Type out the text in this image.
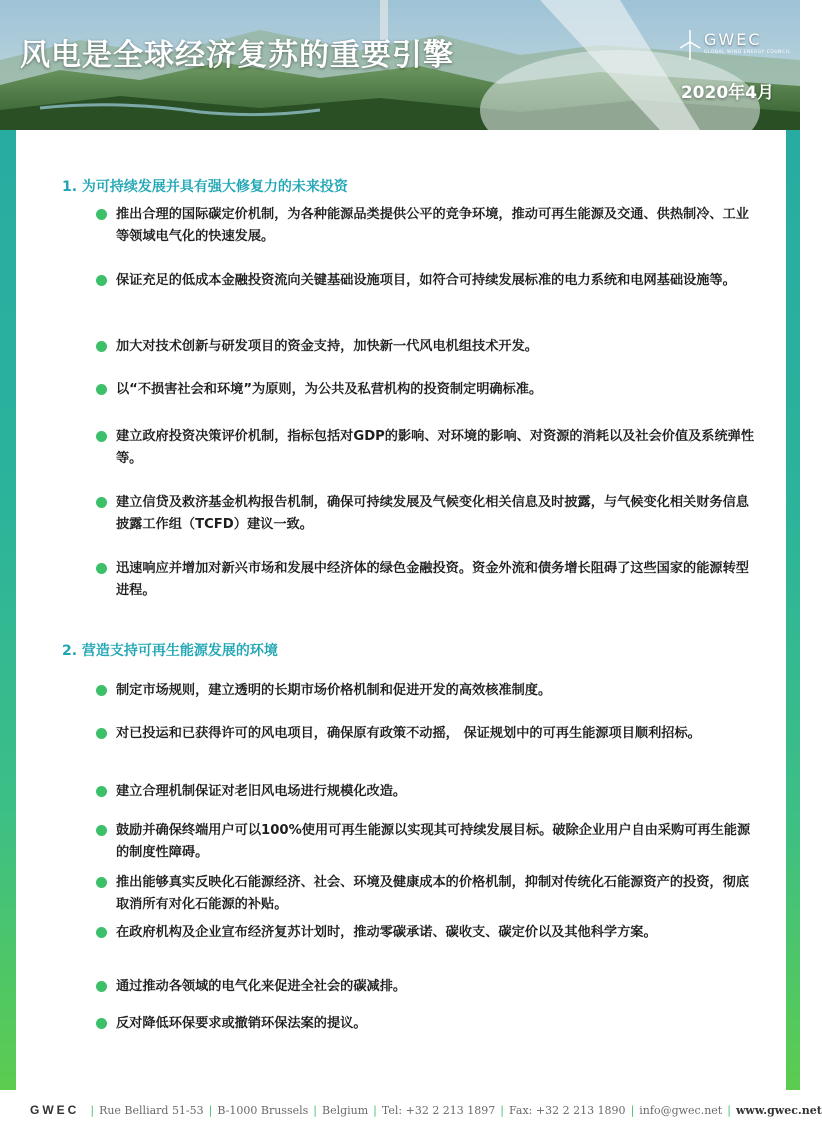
风电是全球经济复苏的重要引擎	GWEC
GLOBAL WIND ENERGY COUNCIL
2020年4月
1. 为可持续发展并具有强大修复力的未来投资
推出合理的国际碳定价机制，为各种能源品类提供公平的竞争环境，推动可再生能源及交通、供热制冷、工业等领域电气化的快速发展。
保证充足的低成本金融投资流向关键基础设施项目，如符合可持续发展标准的电力系统和电网基础设施等。
加大对技术创新与研发项目的资金支持，加快新一代风电机组技术开发。
以“不损害社会和环境”为原则，为公共及私营机构的投资制定明确标准。
建立政府投资决策评价机制，指标包括对GDP的影响、对环境的影响、对资源的消耗以及社会价值及系统弹性等。
建立信贷及救济基金机构报告机制，确保可持续发展及气候变化相关信息及时披露，与气候变化相关财务信息披露工作组（TCFD）建议一致。
迅速响应并增加对新兴市场和发展中经济体的绿色金融投资。资金外流和债务增长阻碍了这些国家的能源转型进程。
2. 营造支持可再生能源发展的环境
制定市场规则，建立透明的长期市场价格机制和促进开发的高效核准制度。
对已投运和已获得许可的风电项目，确保原有政策不动摇， 保证规划中的可再生能源项目顺利招标。
建立合理机制保证对老旧风电场进行规模化改造。
鼓励并确保终端用户可以100%使用可再生能源以实现其可持续发展目标。破除企业用户自由采购可再生能源的制度性障碍。
推出能够真实反映化石能源经济、社会、环境及健康成本的价格机制，抑制对传统化石能源资产的投资，彻底取消所有对化石能源的补贴。
在政府机构及企业宣布经济复苏计划时，推动零碳承诺、碳收支、碳定价以及其他科学方案。
通过推动各领域的电气化来促进全社会的碳减排。
反对降低环保要求或撤销环保法案的提议。
GWEC | Rue Belliard 51-53 | B-1000 Brussels | Belgium | Tel: +32 2 213 1897 | Fax: +32 2 213 1890 | info@gwec.net | www.gwec.net
